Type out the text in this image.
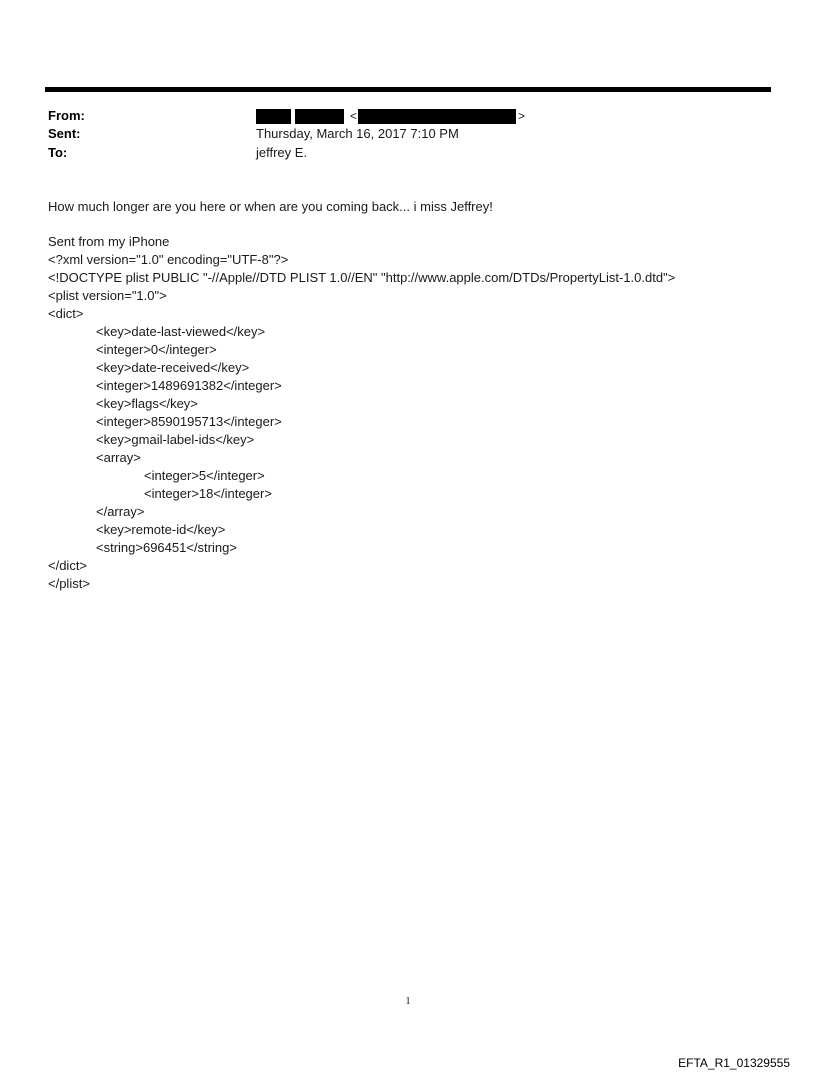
From:	<	>
Sent:	Thursday, March 16, 2017 7:10 PM
To:	jeffrey E.
How much longer are you here or when are you coming back... i miss Jeffrey!
Sent from my iPhone
<?xml version="1.0" encoding="UTF-8"?>
<!DOCTYPE plist PUBLIC "-//Apple//DTD PLIST 1.0//EN" "http://www.apple.com/DTDs/PropertyList-1.0.dtd">
<plist version="1.0">
<dict>
<key>date-last-viewed</key>
<integer>0</integer>
<key>date-received</key>
<integer>1489691382</integer>
<key>flags</key>
<integer>8590195713</integer>
<key>gmail-label-ids</key>
<array>
<integer>5</integer>
<integer>18</integer>
</array>
<key>remote-id</key>
<string>696451</string>
</dict>
</plist>
1
EFTA_R1_01329555
